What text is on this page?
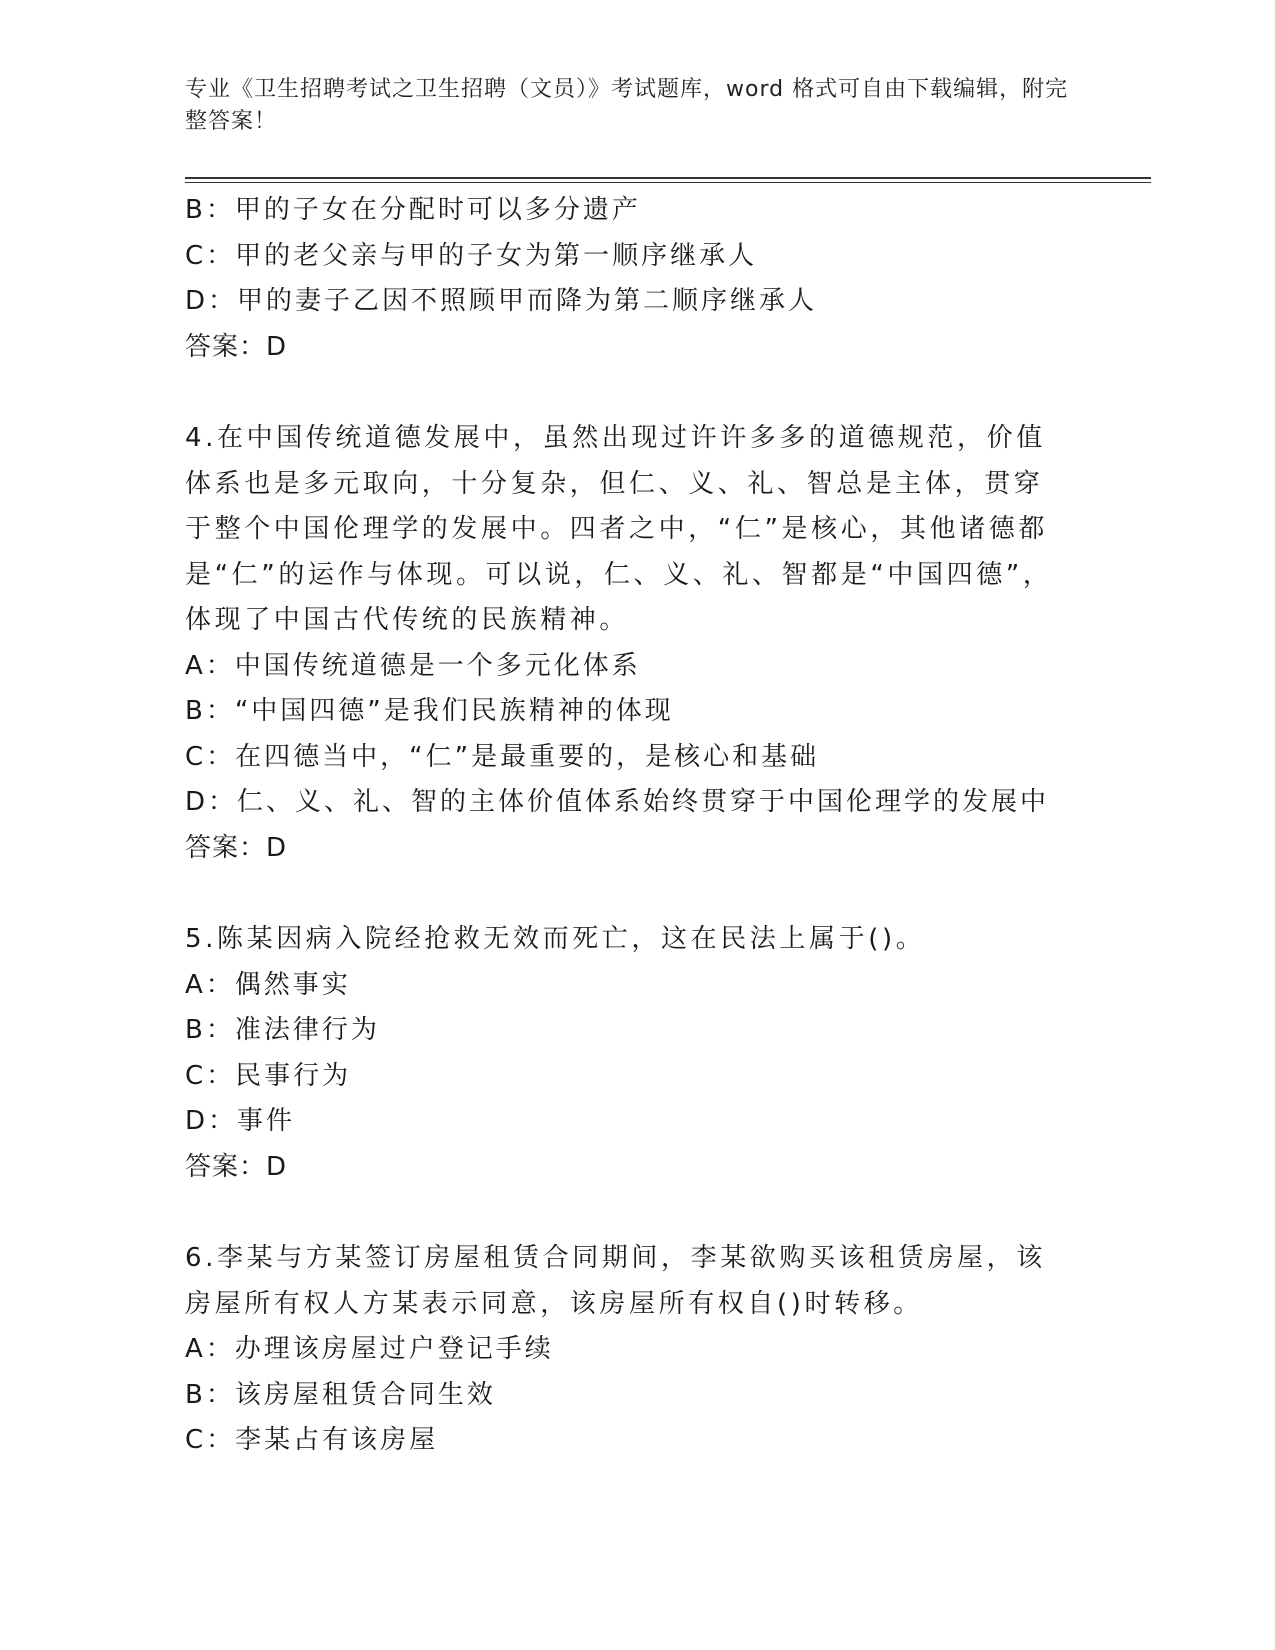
专业《卫生招聘考试之卫生招聘（文员）》考试题库，word 格式可自由下载编辑，附完整答案！
B：甲的子女在分配时可以多分遗产
C：甲的老父亲与甲的子女为第一顺序继承人
D：甲的妻子乙因不照顾甲而降为第二顺序继承人
答案：D
4.在中国传统道德发展中，虽然出现过许许多多的道德规范，价值体系也是多元取向，十分复杂，但仁、义、礼、智总是主体，贯穿于整个中国伦理学的发展中。四者之中，“仁”是核心，其他诸德都是“仁”的运作与体现。可以说，仁、义、礼、智都是“中国四德”，体现了中国古代传统的民族精神。
A：中国传统道德是一个多元化体系
B：“中国四德”是我们民族精神的体现
C：在四德当中，“仁”是最重要的，是核心和基础
D：仁、义、礼、智的主体价值体系始终贯穿于中国伦理学的发展中
答案：D
5.陈某因病入院经抢救无效而死亡，这在民法上属于()。
A：偶然事实
B：准法律行为
C：民事行为
D：事件
答案：D
6.李某与方某签订房屋租赁合同期间，李某欲购买该租赁房屋，该房屋所有权人方某表示同意，该房屋所有权自()时转移。
A：办理该房屋过户登记手续
B：该房屋租赁合同生效
C：李某占有该房屋
